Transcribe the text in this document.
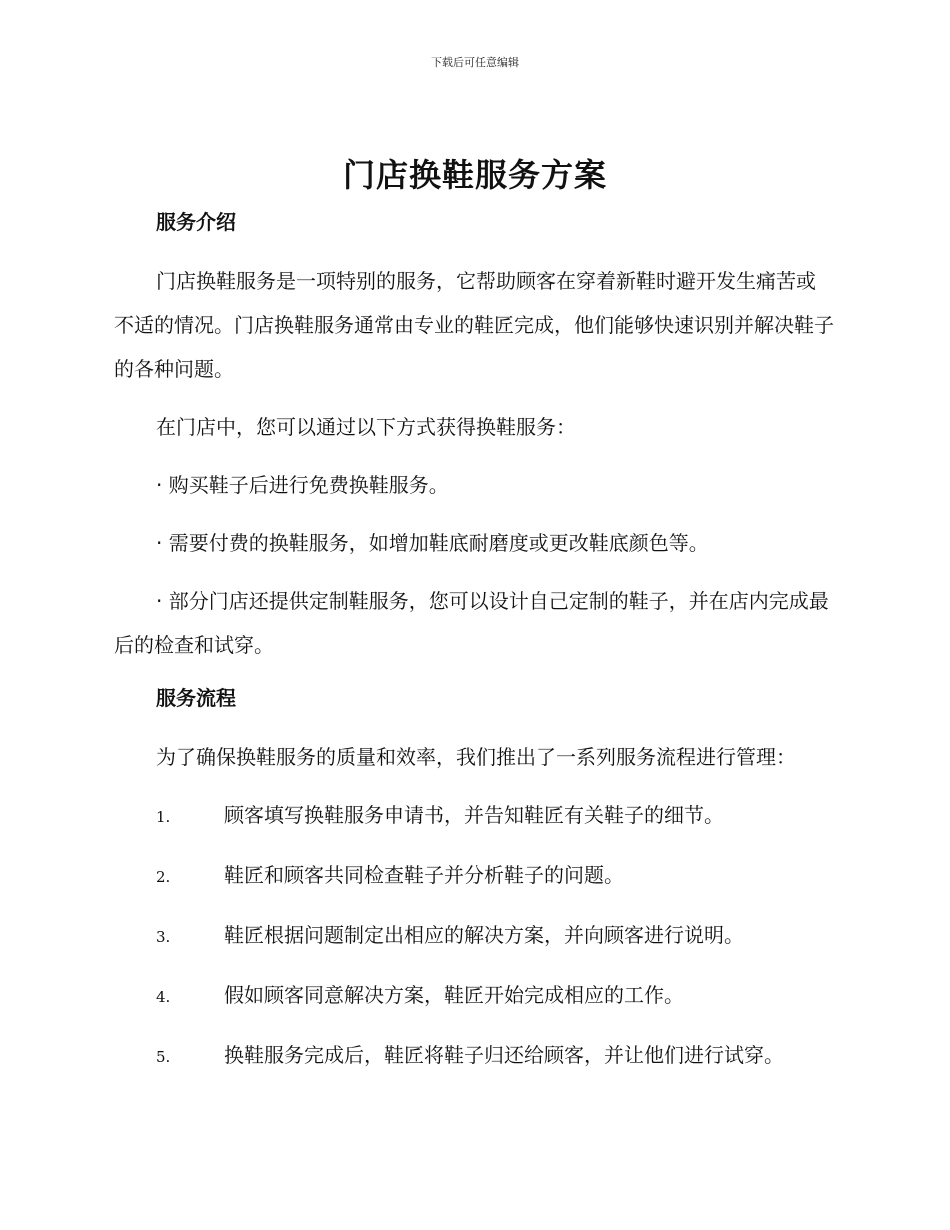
下载后可任意编辑
门店换鞋服务方案

服务介绍

门店换鞋服务是一项特别的服务，它帮助顾客在穿着新鞋时避开发生痛苦或不适的情况。门店换鞋服务通常由专业的鞋匠完成，他们能够快速识别并解决鞋子的各种问题。

在门店中，您可以通过以下方式获得换鞋服务：

· 购买鞋子后进行免费换鞋服务。

· 需要付费的换鞋服务，如增加鞋底耐磨度或更改鞋底颜色等。

· 部分门店还提供定制鞋服务，您可以设计自己定制的鞋子，并在店内完成最后的检查和试穿。

服务流程

为了确保换鞋服务的质量和效率，我们推出了一系列服务流程进行管理：

1.	顾客填写换鞋服务申请书，并告知鞋匠有关鞋子的细节。
2.	鞋匠和顾客共同检查鞋子并分析鞋子的问题。
3.	鞋匠根据问题制定出相应的解决方案，并向顾客进行说明。
4.	假如顾客同意解决方案，鞋匠开始完成相应的工作。
5.	换鞋服务完成后，鞋匠将鞋子归还给顾客，并让他们进行试穿。
